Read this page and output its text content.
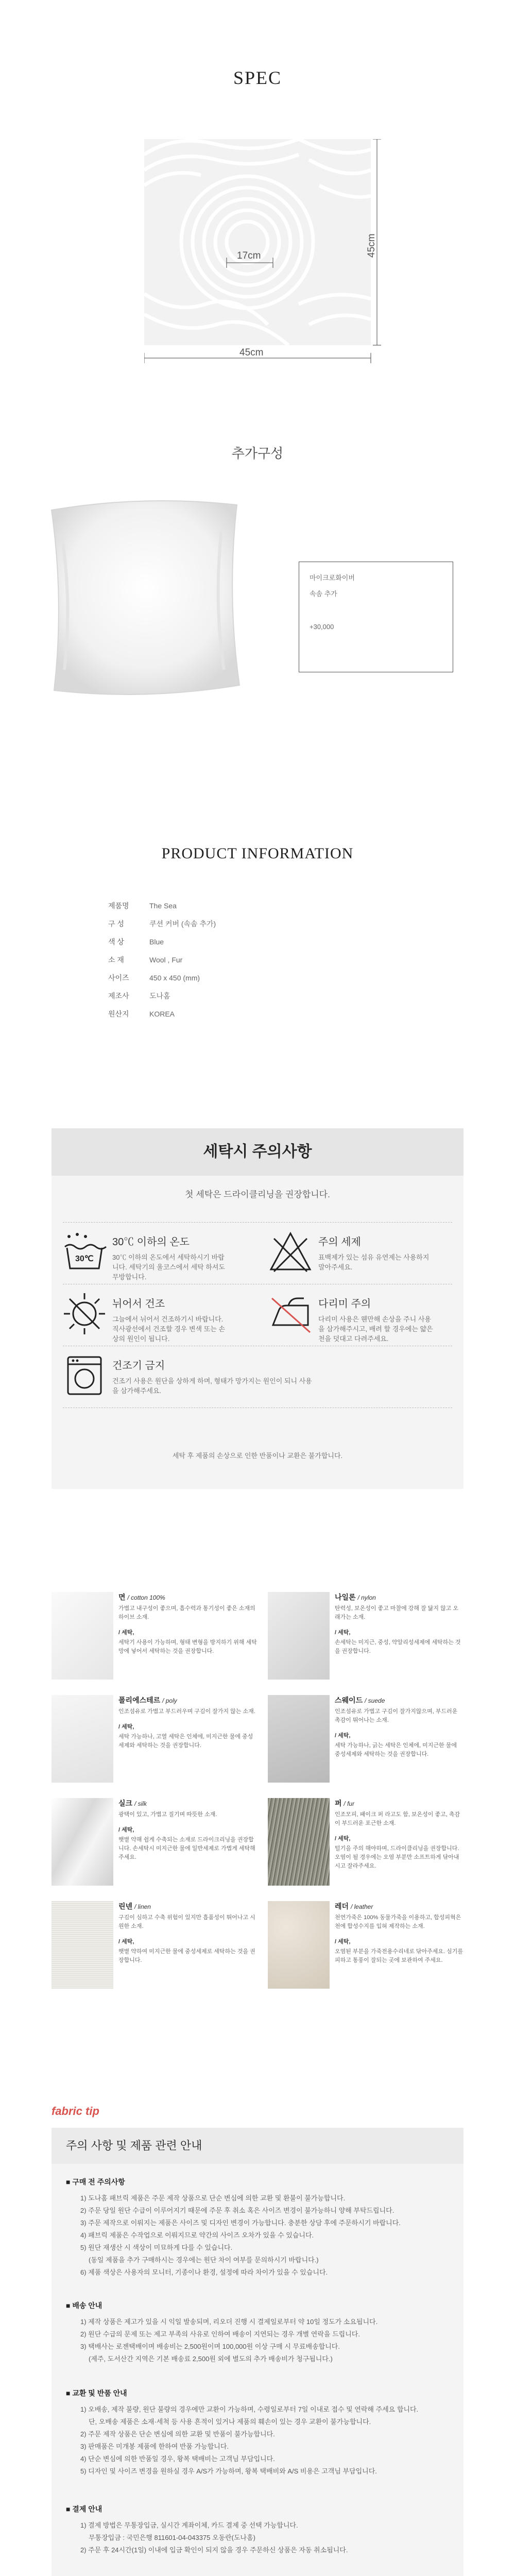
SPEC
17cm
45cm
45cm
추가구성
마이크로화이버
속솜 추가
+30,000
PRODUCT INFORMATION
제품명	The Sea
구 성	쿠션 커버 (속솜 추가)
색 상	Blue
소 재	Wool , Fur
사이즈	450 x 450 (mm)
제조사	도나홈
원산지	KOREA
세탁시 주의사항
첫 세탁은 드라이클리닝을 권장합니다.
30℃
30℃ 이하의 온도
30℃ 이하의 온도에서 세탁하시기 바랍니다. 세탁기의 울코스에서 세탁 하셔도 무방합니다.
주의 세제
표백제가 있는 섬유 유연제는 사용하지 말아주세요.
뉘어서 건조
그늘에서 뉘어서 건조하기시 바랍니다. 직사광선에서 건조할 경우 변색 또는 손상의 원인이 됩니다.
다리미 주의
다리미 사용은 웬만해 손상을 주니 사용을 삼가해주시고, 배려 할 경우에는 얇은 천을 덧대고 다려주세요.
건조기 금지
건조기 사용은 원단을 상하게 하며, 형태가 망가지는 원인이 되니 사용을 삼가해주세요.
세탁 후 제품의 손상으로 인한 반품이나 교환은 불가합니다.
면 / cotton 100%
가볍고 내구성이 좋으며, 흡수력과 통기성이 좋은 소재의 하이브 소재.
/ 세탁,
세탁기 사용이 가능하며, 형태 변형을 방지하기 위해 세탁망에 넣어서 세탁하는 것을 권장합니다.
나일론 / nylon
탄력성, 보온성이 좋고 마찰에 강해 잘 닳지 않고 오래가는 소재.
/ 세탁,
손세탁는 미지근, 중성, 약알리성세제에 세탁하는 것을 권장합니다.
폴리에스테르 / poly
인조섬유로 가볍고 부드러우며 구김이 잘가지 않는 소재.
/ 세탁,
세탁 가능하나, 고열 세탁은 인체에, 미지근한 물에 중성세제와 세탁하는 것을 권장합니다.
스웨이드 / suede
인조섬유로 가볍고 구김이 잘가지않으며, 부드러운 촉감이 뛰어나는 소재.
/ 세탁,
세탁 가능하나, 긁는 세탁은 인체에, 미지근한 물에 중성세제와 세탁하는 것을 권장합니다.
실크 / silk
광택이 있고, 가볍고 질기며 따뜻한 소재.
/ 세탁,
햇볕 약해 쉽게 수축되는 소재로 드라이크리닝을 권장합니다. 손세탁시 미지근한 물에 일반세제로 가볍게 세탁해주세요.
퍼 / fur
인조모피, 패이크 퍼 라고도 함, 보온성이 좋고, 촉감이 부드러운 포근한 소재.
/ 세탁,
털기을 주의 해야하며, 드라이클리닝을 권장합니다. 오염이 될 경우에는 오염 부분만 소프트하게 닦아내시고 잘라주세요.
린넨 / linen
구김이 심하고 수축 위험이 있지만 흡품성이 뛰어나고 시원한 소재.
/ 세탁,
햇볕 약하여 미지근한 물에 중성세제로 세탁하는 것을 권장합니다.
레더 / leather
천연가죽은 100% 동물가죽을 이용하고, 합성피혁은 천에 합성수지를 입혀 제작하는 소재.
/ 세탁,
오염된 부분을 가죽전용수리네로 닦아주세요. 심기를 피하고 통풍이 잘되는 곳에 보관하여 주세요.
fabric tip
주의 사항 및 제품 관련 안내
■ 구매 전 주의사항
1) 도나홈 패브릭 제품은 주문 제작 상품으로 단순 변심에 의한 교환 및 환불이 불가능합니다.
2) 주문 당일 원단 수급이 이루어지기 때문에 주문 후 취소 혹은 사이즈 변경이 불가능하니 양해 부탁드립니다.
3) 주문 제작으로 이뤄지는 제품은 사이즈 및 디자인 변경이 가능합니다. 충분한 상담 후에 주문하시기 바랍니다.
4) 패브릭 제품은 수작업으로 이뤄지므로 약간의 사이즈 오차가 있을 수 있습니다.
5) 원단 재생산 시 색상이 미묘하게 다를 수 있습니다.
(동일 제품을 추가 구매하시는 경우에는 원단 차이 여부를 문의하시기 바랍니다.)
6) 제품 색상은 사용자의 모니터, 기종이나 환경, 설정에 따라 차이가 있을 수 있습니다.
■ 배송 안내
1) 제작 상품은 제고가 있을 시 익일 발송되며, 리오더 진행 시 결제일로부터 약 10일 정도가 소요됩니다.
2) 원단 수급의 문제 또는 제고 부족의 사유로 인하여 배송이 지연되는 경우 개별 연락을 드립니다.
3) 택배사는 로젠택배이며 배송비는 2,500원이며 100,000원 이상 구매 시 무료배송합니다.
(제주, 도서산간 지역은 기본 배송료 2,500원 외에 별도의 추가 배송비가 청구됩니다.)
■ 교환 및 반품 안내
1) 오배송, 제작 불량, 원단 불량의 경우에만 교환이 가능하며, 수령일로부터 7일 이내로 접수 및 연락해 주세요 합니다.
단, 오배송 제품은 소재·세척 등 사용 흔적이 있거나 제품의 훼손이 있는 경우 교환이 불가능합니다.
2) 주문 제작 상품은 단순 변심에 의한 교환 및 반품이 불가능합니다.
3) 판매품은 미개봉 제품에 한하여 반품 가능합니다.
4) 단순 변심에 의한 반품일 경우, 왕복 택배비는 고객님 부담입니다.
5) 디자인 및 사이즈 변경을 원하실 경우 A/S가 가능하며, 왕복 택배비와 A/S 비용은 고객님 부담입니다.
■ 결제 안내
1) 결제 방법은 무통장입금, 실시간 계좌이체, 카드 결제 중 선택 가능합니다.
무통장입금 : 국민은행 811601-04-043375 오동란(도나홈)
2) 주문 후 24시간(1일) 이내에 입금 확인이 되지 않을 경우 주문하신 상품은 자동 취소됩니다.
